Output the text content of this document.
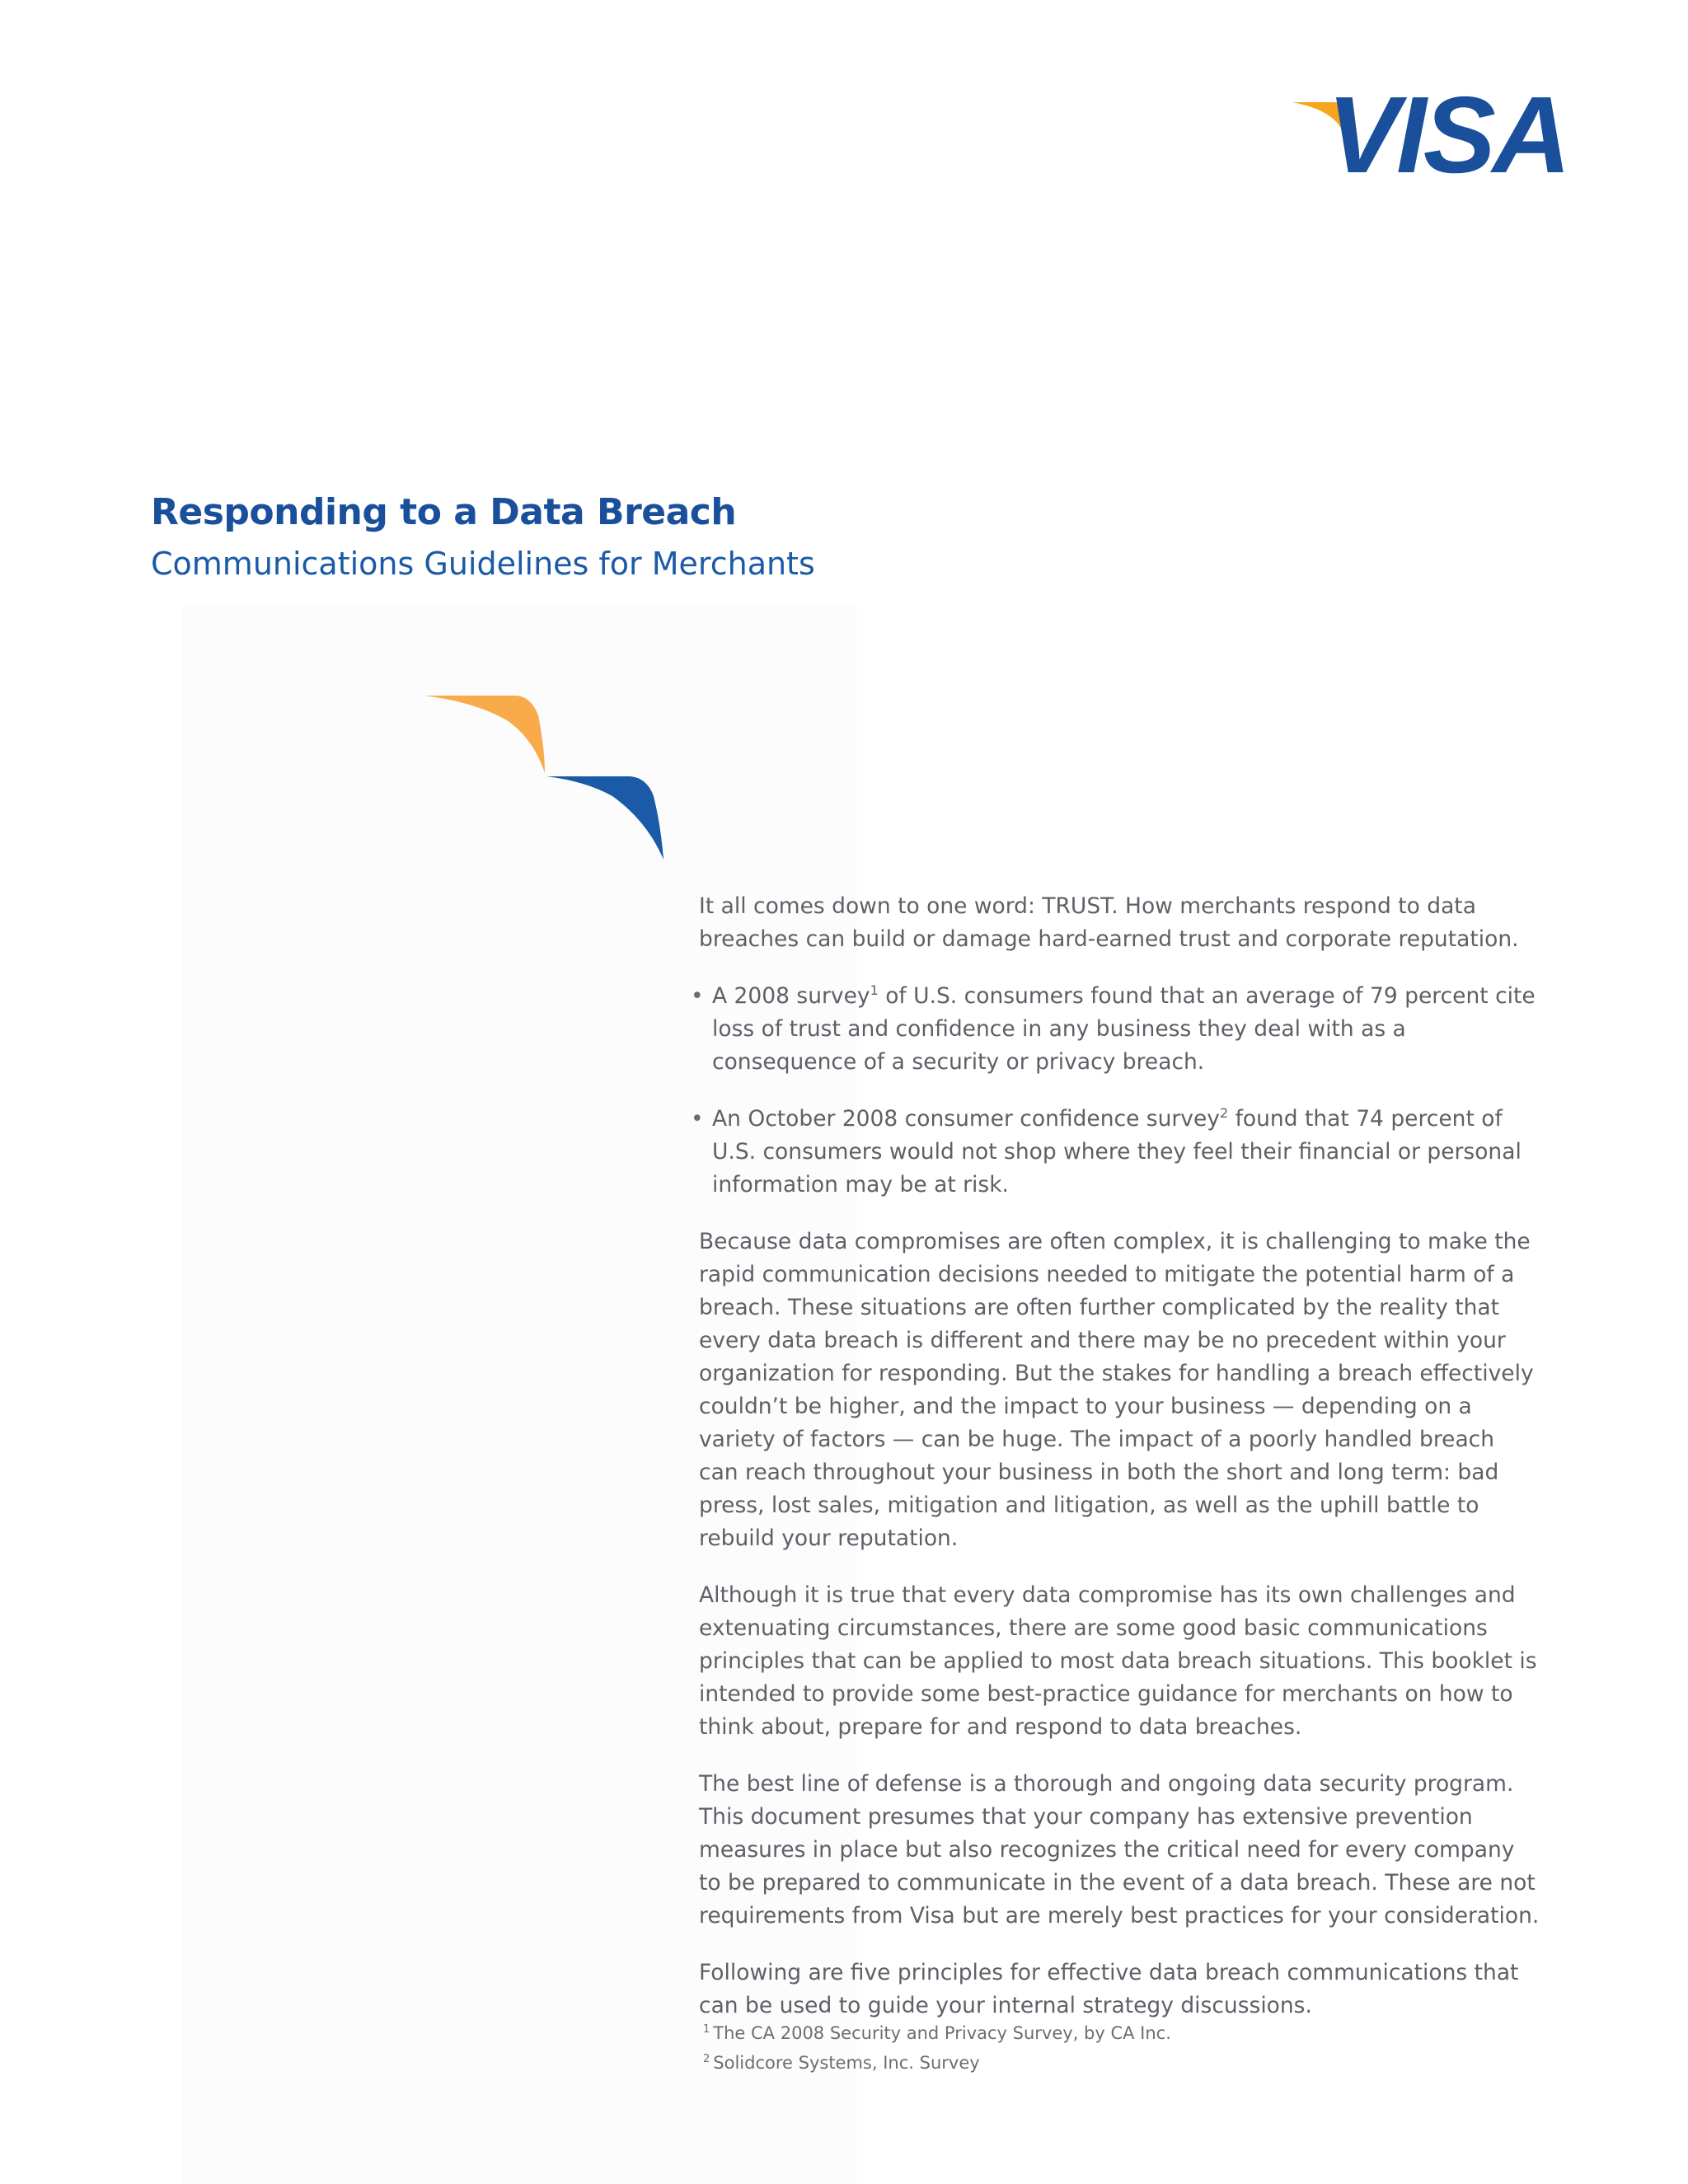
VISA
Responding to a Data Breach
Communications Guidelines for Merchants

It all comes down to one word: TRUST. How merchants respond to data breaches can build or damage hard-earned trust and corporate reputation.

• A 2008 survey$^1$ of U.S. consumers found that an average of 79 percent cite loss of trust and confidence in any business they deal with as a consequence of a security or privacy breach.
• An October 2008 consumer confidence survey$^2$ found that 74 percent of U.S. consumers would not shop where they feel their financial or personal information may be at risk.

Because data compromises are often complex, it is challenging to make the rapid communication decisions needed to mitigate the potential harm of a breach. These situations are often further complicated by the reality that every data breach is different and there may be no precedent within your organization for responding. But the stakes for handling a breach effectively couldn’t be higher, and the impact to your business — depending on a variety of factors — can be huge. The impact of a poorly handled breach can reach throughout your business in both the short and long term: bad press, lost sales, mitigation and litigation, as well as the uphill battle to rebuild your reputation.

Although it is true that every data compromise has its own challenges and extenuating circumstances, there are some good basic communications principles that can be applied to most data breach situations. This booklet is intended to provide some best-practice guidance for merchants on how to think about, prepare for and respond to data breaches.

The best line of defense is a thorough and ongoing data security program. This document presumes that your company has extensive prevention measures in place but also recognizes the critical need for every company to be prepared to communicate in the event of a data breach. These are not requirements from Visa but are merely best practices for your consideration.

Following are five principles for effective data breach communications that can be used to guide your internal strategy discussions.

$^1$ The CA 2008 Security and Privacy Survey, by CA Inc.
$^2$ Solidcore Systems, Inc. Survey
